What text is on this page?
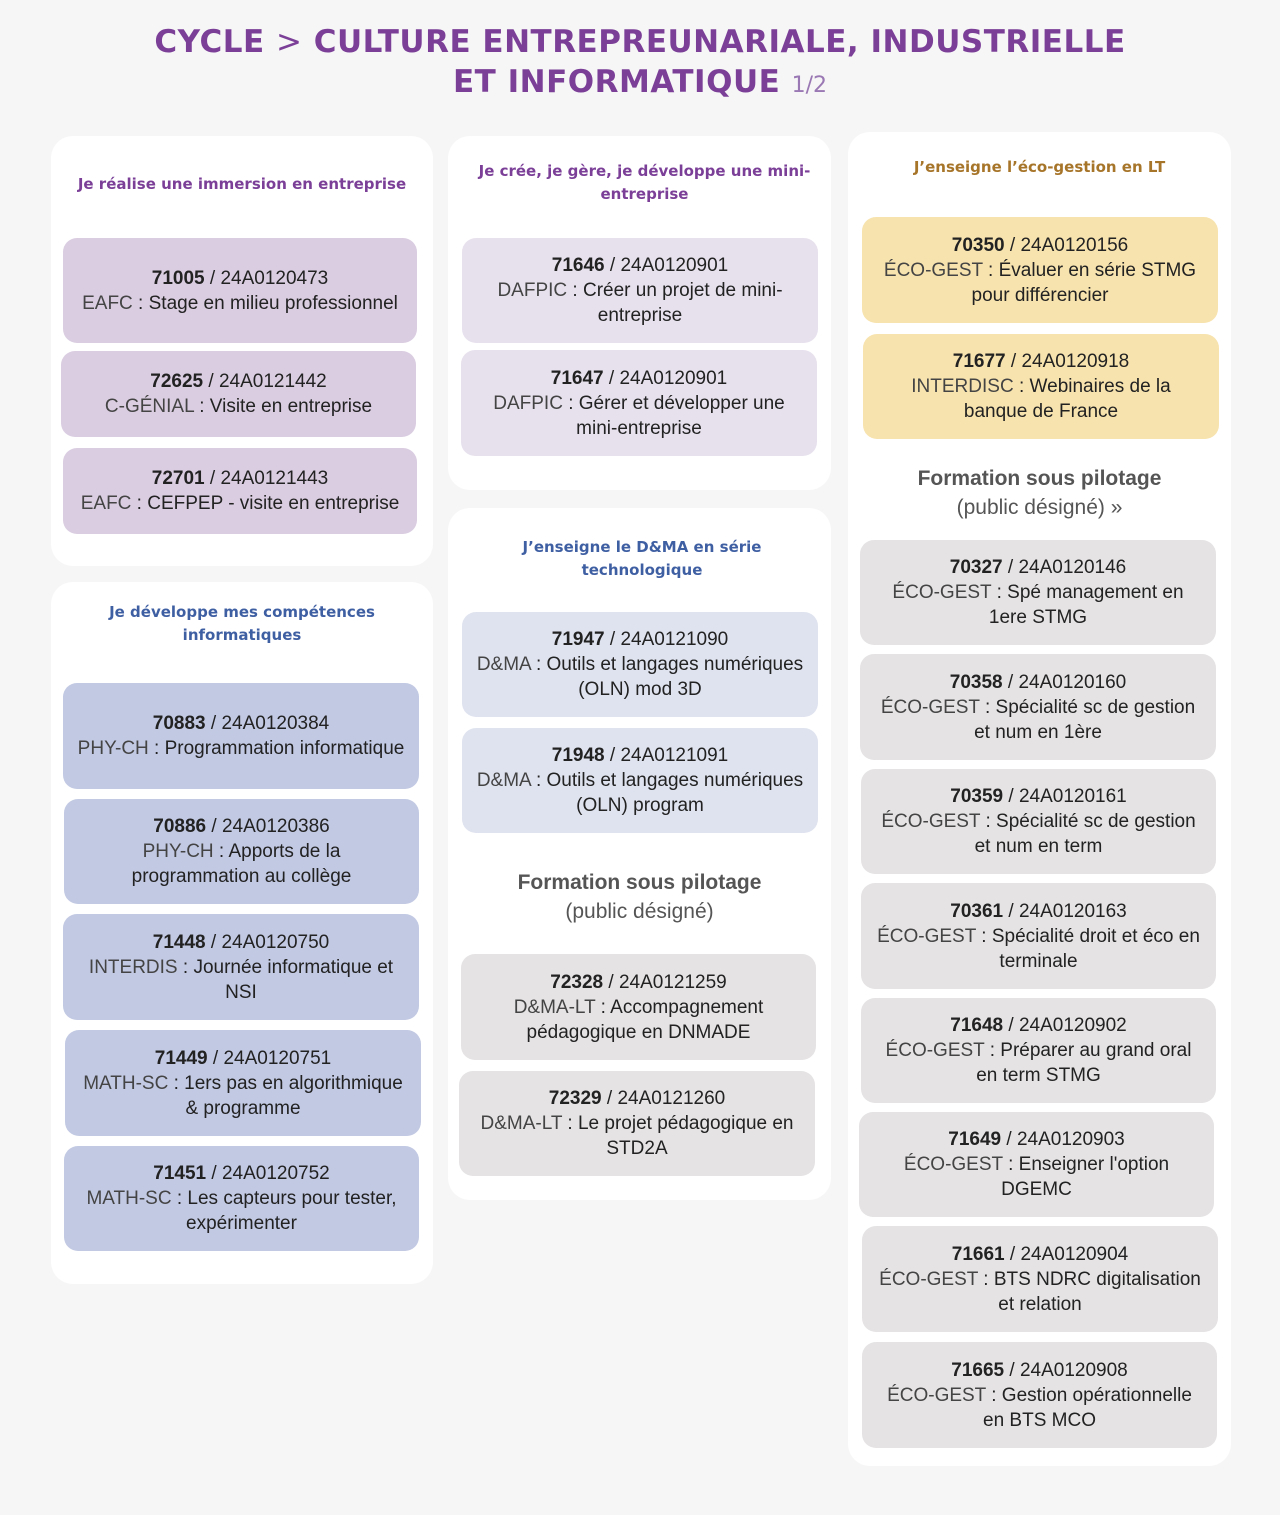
CYCLE > CULTURE ENTREPREUNARIALE, INDUSTRIELLE
ET INFORMATIQUE 1/2
Je réalise une immersion en entreprise
71005 / 24A0120473
EAFC : Stage en milieu professionnel
72625 / 24A0121442
C-GÉNIAL : Visite en entreprise
72701 / 24A0121443
EAFC : CEFPEP - visite en entreprise
Je développe mes compétences informatiques
70883 / 24A0120384
PHY-CH : Programmation informatique
70886 / 24A0120386
PHY-CH : Apports de la programmation au collège
71448 / 24A0120750
INTERDIS : Journée informatique et NSI
71449 / 24A0120751
MATH-SC : 1ers pas en algorithmique & programme
71451 / 24A0120752
MATH-SC : Les capteurs pour tester, expérimenter
Je crée, je gère, je développe une mini-entreprise
71646 / 24A0120901
DAFPIC : Créer un projet de mini-entreprise
71647 / 24A0120901
DAFPIC : Gérer et développer une mini-entreprise
J’enseigne le D&MA en série technologique
71947 / 24A0121090
D&MA : Outils et langages numériques (OLN) mod 3D
71948 / 24A0121091
D&MA : Outils et langages numériques (OLN) program
Formation sous pilotage
(public désigné)
72328 / 24A0121259
D&MA-LT : Accompagnement pédagogique en DNMADE
72329 / 24A0121260
D&MA-LT : Le projet pédagogique en STD2A
J’enseigne l’éco-gestion en LT
70350 / 24A0120156
ÉCO-GEST : Évaluer en série STMG pour différencier
71677 / 24A0120918
INTERDISC : Webinaires de la banque de France
Formation sous pilotage
(public désigné) »
70327 / 24A0120146
ÉCO-GEST : Spé management en 1ere STMG
70358 / 24A0120160
ÉCO-GEST : Spécialité sc de gestion et num en 1ère
70359 / 24A0120161
ÉCO-GEST : Spécialité sc de gestion et num en term
70361 / 24A0120163
ÉCO-GEST : Spécialité droit et éco en terminale
71648 / 24A0120902
ÉCO-GEST : Préparer au grand oral en term STMG
71649 / 24A0120903
ÉCO-GEST : Enseigner l'option DGEMC
71661 / 24A0120904
ÉCO-GEST : BTS NDRC digitalisation et relation
71665 / 24A0120908
ÉCO-GEST : Gestion opérationnelle en BTS MCO
